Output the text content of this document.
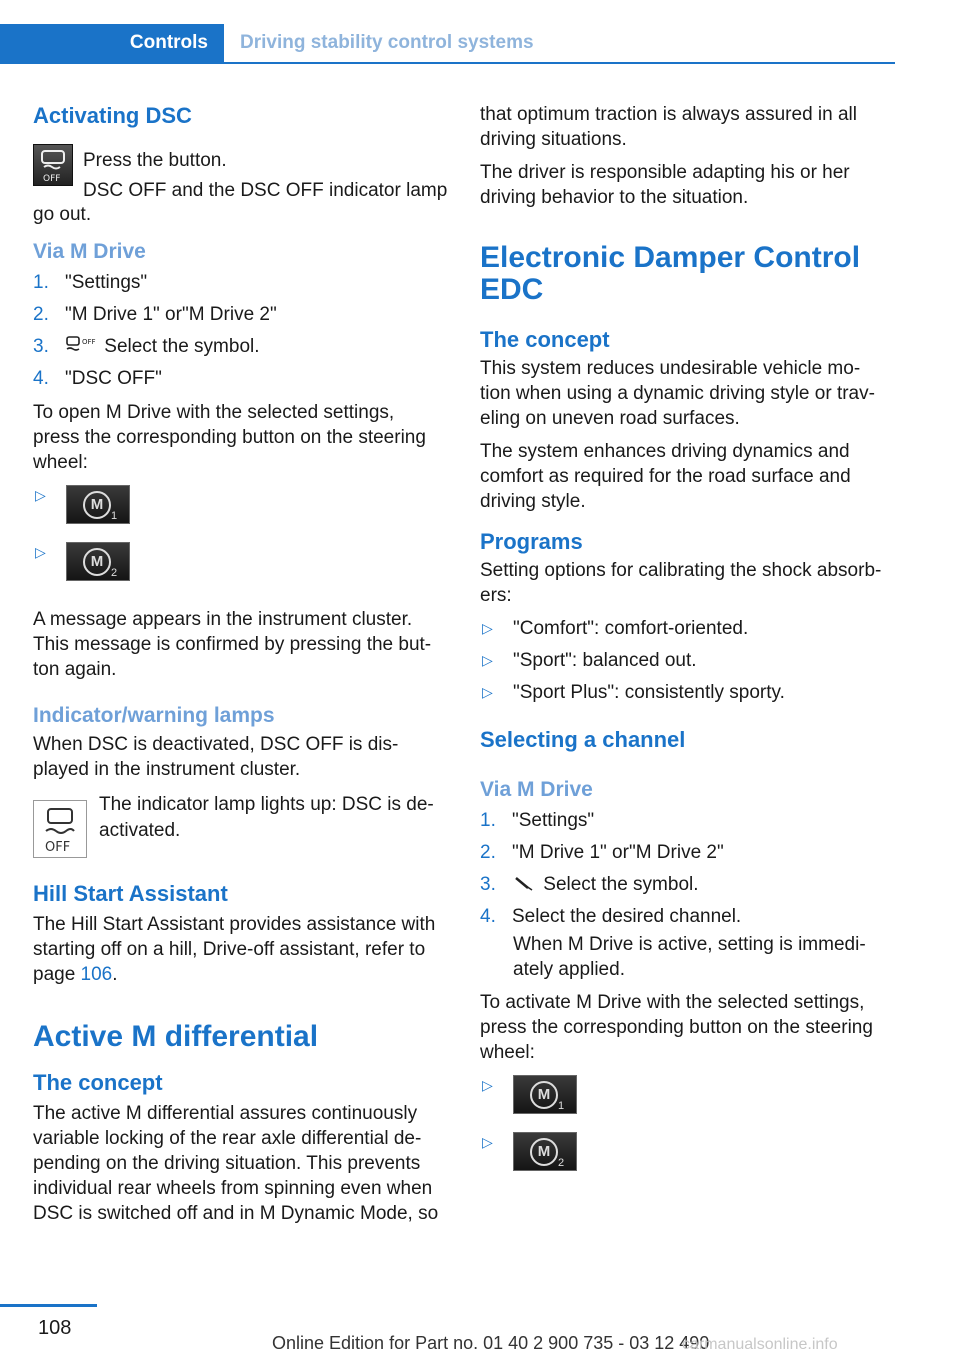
Controls Driving stability control systems
Activating DSC
OFF
Press the button.
DSC OFF and the DSC OFF indicator lamp
go out.
Via M Drive
1. "Settings"
2. "M Drive 1" or"M Drive 2"
3.	OFF Select the symbol.
4. "DSC OFF"
To open M Drive with the selected settings,
press the corresponding button on the steering
wheel:
▷
M
1
▷
M
2
A message appears in the instrument cluster.
This message is confirmed by pressing the but-
ton again.
Indicator/warning lamps
When DSC is deactivated, DSC OFF is dis-
played in the instrument cluster.
OFF
The indicator lamp lights up: DSC is de-
activated.
Hill Start Assistant
The Hill Start Assistant provides assistance with
starting off on a hill, Drive-off assistant, refer to
page 106.
Active M differential
The concept
The active M differential assures continuously
variable locking of the rear axle differential de-
pending on the driving situation. This prevents
individual rear wheels from spinning even when
DSC is switched off and in M Dynamic Mode, so
that optimum traction is always assured in all
driving situations.
The driver is responsible adapting his or her
driving behavior to the situation.
Electronic Damper Control
EDC
The concept
This system reduces undesirable vehicle mo-
tion when using a dynamic driving style or trav-
eling on uneven road surfaces.
The system enhances driving dynamics and
comfort as required for the road surface and
driving style.
Programs
Setting options for calibrating the shock absorb-
ers:
▷ "Comfort": comfort-oriented.
▷ "Sport": balanced out.
▷ "Sport Plus": consistently sporty.
Selecting a channel
Via M Drive
1. "Settings"
2. "M Drive 1" or"M Drive 2"
3. Select the symbol.
4. Select the desired channel.
When M Drive is active, setting is immedi-
ately applied.
To activate M Drive with the selected settings,
press the corresponding button on the steering
wheel:
▷
M
1
▷
M
2
108
Online Edition for Part no. 01 40 2 900 735 - 03 12 490
carmanualsonline.info
